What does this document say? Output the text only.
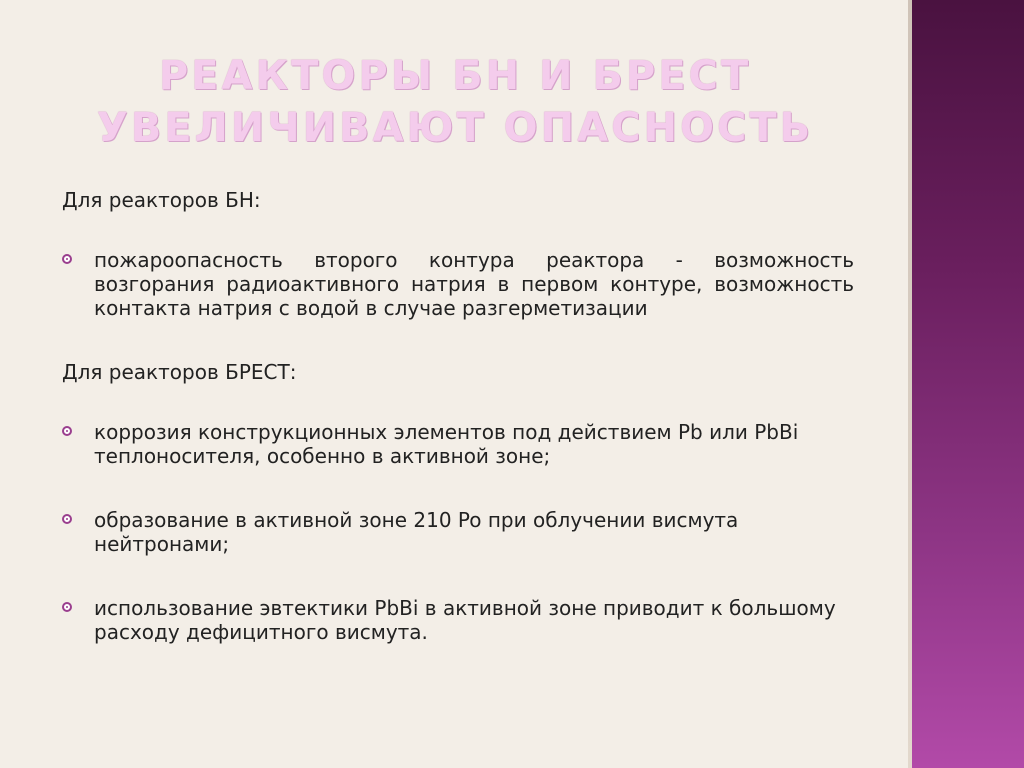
РЕАКТОРЫ БН И БРЕСТ
УВЕЛИЧИВАЮТ ОПАСНОСТЬ

Для реакторов БН:

пожароопасность второго контура реактора - возможность возгорания радиоактивного натрия в первом контуре, возможность контакта натрия с водой в случае разгерметизации

Для реакторов БРЕСТ:

коррозия конструкционных элементов под действием Pb или PbBi теплоносителя, особенно в активной зоне;
образование в активной зоне 210 Po при облучении висмута нейтронами;
использование эвтектики PbBi в активной зоне приводит к большому расходу дефицитного висмута.
